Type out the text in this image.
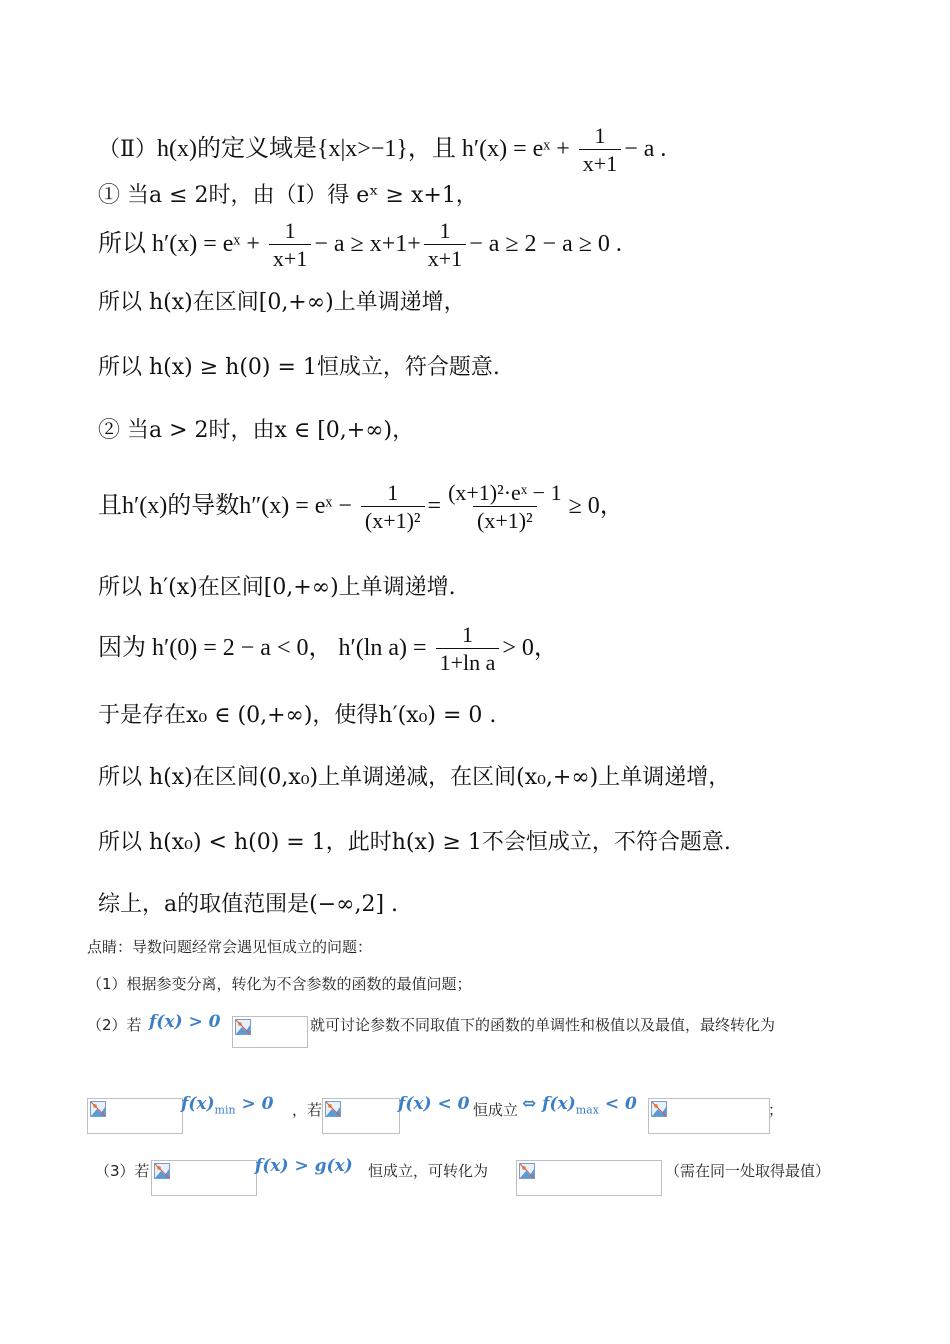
（Ⅱ）h(x)的定义域是{x|x>−1}，且 h′(x) = eˣ + $\frac{1}{x+1} - a$ .
① 当a ≤ 2时，由（Ⅰ）得 eˣ ≥ x+1，
所以 h′(x) = eˣ + $\frac{1}{x+1} - a \ge x+1+ \frac{1}{x+1} - a \ge 2 - a \ge 0$ .
所以 h(x)在区间[0,+∞)上单调递增，
所以 h(x) ≥ h(0) = 1恒成立，符合题意.
② 当a > 2时，由x ∈ [0,+∞)，
且h′(x)的导数h″(x) = eˣ − $\frac{1}{\text{(x+1)²}} = \frac{\text{(x+1)²·eˣ − 1}}{\text{(x+1)²}} \ge 0$，
所以 h′(x)在区间[0,+∞)上单调递增.
因为 h′(0) = 2 − a < 0， h′(ln $a) = \frac{1}{\text{1+ln a}} > 0$，
于是存在x₀ ∈ (0,+∞)，使得h′(x₀) = 0 .
所以 h(x)在区间(0,x₀)上单调递减，在区间(x₀,+∞)上单调递增，
所以 h(x₀) < h(0) = 1，此时h(x) ≥ 1不会恒成立，不符合题意.
综上，a的取值范围是(−∞,2] .
点睛：导数问题经常会遇见恒成立的问题：
（1）根据参变分离，转化为不含参数的函数的最值问题；
（2）若 f(x) > 0	就可讨论参数不同取值下的函数的单调性和极值以及最值，最终转化为
$f(x)_{min} > 0$ ，若	f(x) < 0 恒成立 ⇔ $f(x)_{max} < 0$	；
（3）若	f(x) > g(x) 恒成立，可转化为	（需在同一处取得最值）
